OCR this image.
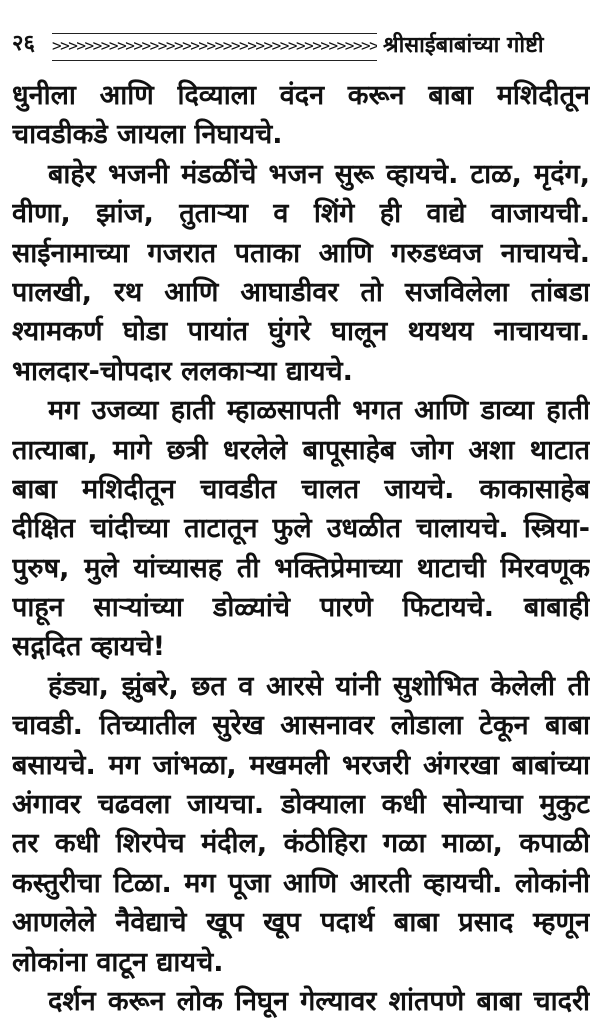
२६ >>>>>>>>>>>>>>>>>>>>>>>>>>>>>>>>>>>>>>>> श्रीसाईबाबांच्या गोष्टी
धुनीला आणि दिव्याला वंदन करून बाबा मशिदीतून
चावडीकडे जायला निघायचे.
बाहेर भजनी मंडळींचे भजन सुरू व्हायचे. टाळ, मृदंग,
वीणा, झांज, तुताऱ्या व शिंगे ही वाद्ये वाजायची.
साईनामाच्या गजरात पताका आणि गरुडध्वज नाचायचे.
पालखी, रथ आणि आघाडीवर तो सजविलेला तांबडा
श्यामकर्ण घोडा पायांत घुंगरे घालून थयथय नाचायचा.
भालदार-चोपदार ललकाऱ्या द्यायचे.
मग उजव्या हाती म्हाळसापती भगत आणि डाव्या हाती
तात्याबा, मागे छत्री धरलेले बापूसाहेब जोग अशा थाटात
बाबा मशिदीतून चावडीत चालत जायचे. काकासाहेब
दीक्षित चांदीच्या ताटातून फुले उधळीत चालायचे. स्त्रिया-
पुरुष, मुले यांच्यासह ती भक्तिप्रेमाच्या थाटाची मिरवणूक
पाहून साऱ्यांच्या डोळ्यांचे पारणे फिटायचे. बाबाही
सद्गदित व्हायचे!
हंड्या, झुंबरे, छत व आरसे यांनी सुशोभित केलेली ती
चावडी. तिच्यातील सुरेख आसनावर लोडाला टेकून बाबा
बसायचे. मग जांभळा, मखमली भरजरी अंगरखा बाबांच्या
अंगावर चढवला जायचा. डोक्याला कधी सोन्याचा मुकुट
तर कधी शिरपेच मंदील, कंठीहिरा गळा माळा, कपाळी
कस्तुरीचा टिळा. मग पूजा आणि आरती व्हायची. लोकांनी
आणलेले नैवेद्याचे खूप खूप पदार्थ बाबा प्रसाद म्हणून
लोकांना वाटून द्यायचे.
दर्शन करून लोक निघून गेल्यावर शांतपणे बाबा चादरी
